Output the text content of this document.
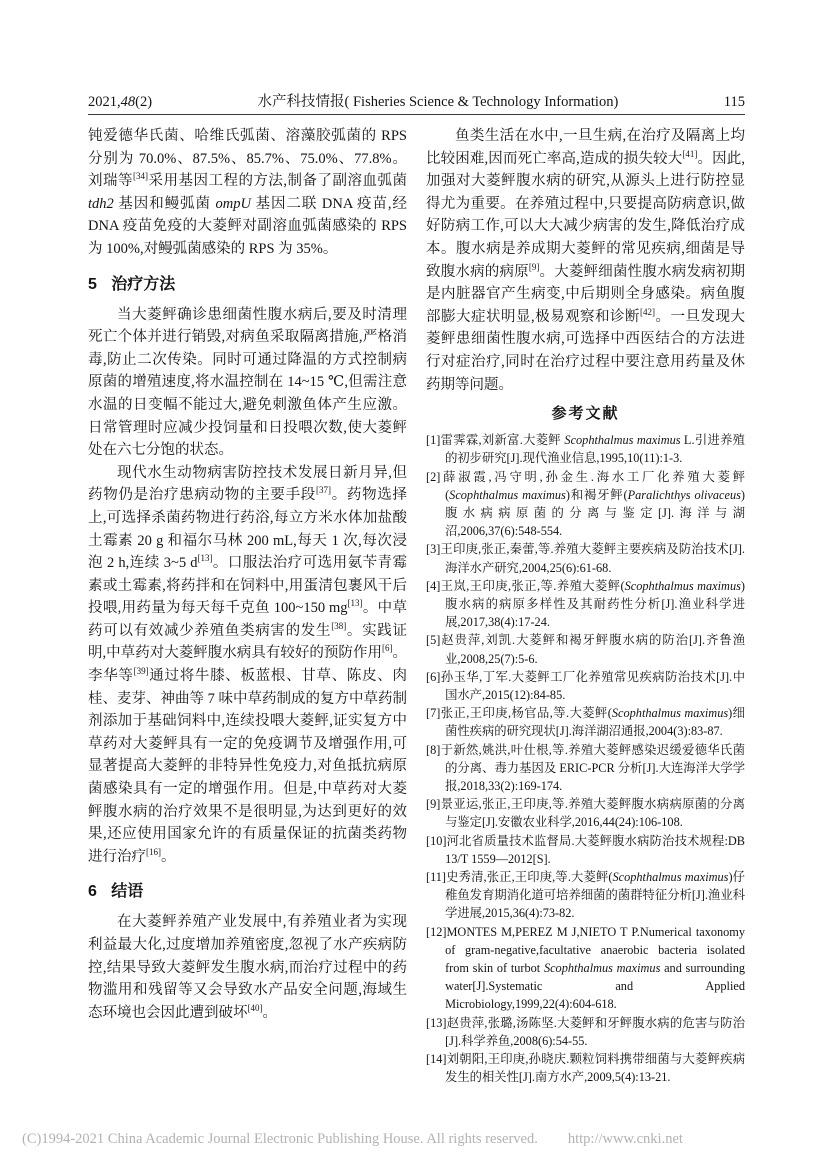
2021,48(2)	水产科技情报( Fisheries Science & Technology Information)	115

钝爱德华氏菌、哈维氏弧菌、溶藻胶弧菌的 RPS 分别为 70.0%、87.5%、85.7%、75.0%、77.8%。刘瑞等[34]采用基因工程的方法,制备了副溶血弧菌 tdh2 基因和鳗弧菌 ompU 基因二联 DNA 疫苗,经 DNA 疫苗免疫的大菱鲆对副溶血弧菌感染的 RPS 为 100%,对鳗弧菌感染的 RPS 为 35%。

5 治疗方法

当大菱鲆确诊患细菌性腹水病后,要及时清理死亡个体并进行销毁,对病鱼采取隔离措施,严格消毒,防止二次传染。同时可通过降温的方式控制病原菌的增殖速度,将水温控制在 14~15 ℃,但需注意水温的日变幅不能过大,避免刺激鱼体产生应激。日常管理时应减少投饲量和日投喂次数,使大菱鲆处在六七分饱的状态。

现代水生动物病害防控技术发展日新月异,但药物仍是治疗患病动物的主要手段[37]。药物选择上,可选择杀菌药物进行药浴,每立方米水体加盐酸土霉素 20 g 和福尔马林 200 mL,每天 1 次,每次浸泡 2 h,连续 3~5 d[13]。口服法治疗可选用氨苄青霉素或土霉素,将药拌和在饲料中,用蛋清包裹风干后投喂,用药量为每天每千克鱼 100~150 mg[13]。中草药可以有效减少养殖鱼类病害的发生[38]。实践证明,中草药对大菱鲆腹水病具有较好的预防作用[6]。李华等[39]通过将牛膝、板蓝根、甘草、陈皮、肉桂、麦芽、神曲等 7 味中草药制成的复方中草药制剂添加于基础饲料中,连续投喂大菱鲆,证实复方中草药对大菱鲆具有一定的免疫调节及增强作用,可显著提高大菱鲆的非特异性免疫力,对鱼抵抗病原菌感染具有一定的增强作用。但是,中草药对大菱鲆腹水病的治疗效果不是很明显,为达到更好的效果,还应使用国家允许的有质量保证的抗菌类药物进行治疗[16]。

6 结语

在大菱鲆养殖产业发展中,有养殖业者为实现利益最大化,过度增加养殖密度,忽视了水产疾病防控,结果导致大菱鲆发生腹水病,而治疗过程中的药物滥用和残留等又会导致水产品安全问题,海域生态环境也会因此遭到破坏[40]。

鱼类生活在水中,一旦生病,在治疗及隔离上均比较困难,因而死亡率高,造成的损失较大[41]。因此,加强对大菱鲆腹水病的研究,从源头上进行防控显得尤为重要。在养殖过程中,只要提高防病意识,做好防病工作,可以大大减少病害的发生,降低治疗成本。腹水病是养成期大菱鲆的常见疾病,细菌是导致腹水病的病原[9]。大菱鲆细菌性腹水病发病初期是内脏器官产生病变,中后期则全身感染。病鱼腹部膨大症状明显,极易观察和诊断[42]。一旦发现大菱鲆患细菌性腹水病,可选择中西医结合的方法进行对症治疗,同时在治疗过程中要注意用药量及休药期等问题。

参考文献

[1]雷霁霖,刘新富.大菱鲆 Scophthalmus maximus L.引进养殖的初步研究[J].现代渔业信息,1995,10(11):1-3.

[2]薛淑霞,冯守明,孙金生.海水工厂化养殖大菱鲆(Scophthalmus maximus)和褐牙鲆(Paralichthys olivaceus)腹水病病原菌的分离与鉴定[J].海洋与湖沼,2006,37(6):548-554.

[3]王印庚,张正,秦蕾,等.养殖大菱鲆主要疾病及防治技术[J].海洋水产研究,2004,25(6):61-68.

[4]王岚,王印庚,张正,等.养殖大菱鲆(Scophthalmus maximus)腹水病的病原多样性及其耐药性分析[J].渔业科学进展,2017,38(4):17-24.

[5]赵贵萍,刘凯.大菱鲆和褐牙鲆腹水病的防治[J].齐鲁渔业,2008,25(7):5-6.

[6]孙玉华,丁军.大菱鲆工厂化养殖常见疾病防治技术[J].中国水产,2015(12):84-85.

[7]张正,王印庚,杨官品,等.大菱鲆(Scophthalmus maximus)细菌性疾病的研究现状[J].海洋湖沼通报,2004(3):83-87.

[8]于新然,姚洪,叶仕根,等.养殖大菱鲆感染迟缓爱德华氏菌的分离、毒力基因及 ERIC-PCR 分析[J].大连海洋大学学报,2018,33(2):169-174.

[9]景亚运,张正,王印庚,等.养殖大菱鲆腹水病病原菌的分离与鉴定[J].安徽农业科学,2016,44(24):106-108.

[10]河北省质量技术监督局.大菱鲆腹水病防治技术规程:DB 13/T 1559—2012[S].

[11]史秀清,张正,王印庚,等.大菱鲆(Scophthalmus maximus)仔稚鱼发育期消化道可培养细菌的菌群特征分析[J].渔业科学进展,2015,36(4):73-82.

[12]MONTES M,PEREZ M J,NIETO T P.Numerical taxonomy of gram-negative,facultative anaerobic bacteria isolated from skin of turbot Scophthalmus maximus and surrounding water[J].Systematic and Applied Microbiology,1999,22(4):604-618.

[13]赵贵萍,张璐,汤陈坚.大菱鲆和牙鲆腹水病的危害与防治[J].科学养鱼,2008(6):54-55.

[14]刘朝阳,王印庚,孙晓庆.颗粒饲料携带细菌与大菱鲆疾病发生的相关性[J].南方水产,2009,5(4):13-21.

(C)1994-2021 China Academic Journal Electronic Publishing House. All rights reserved. http://www.cnki.net
